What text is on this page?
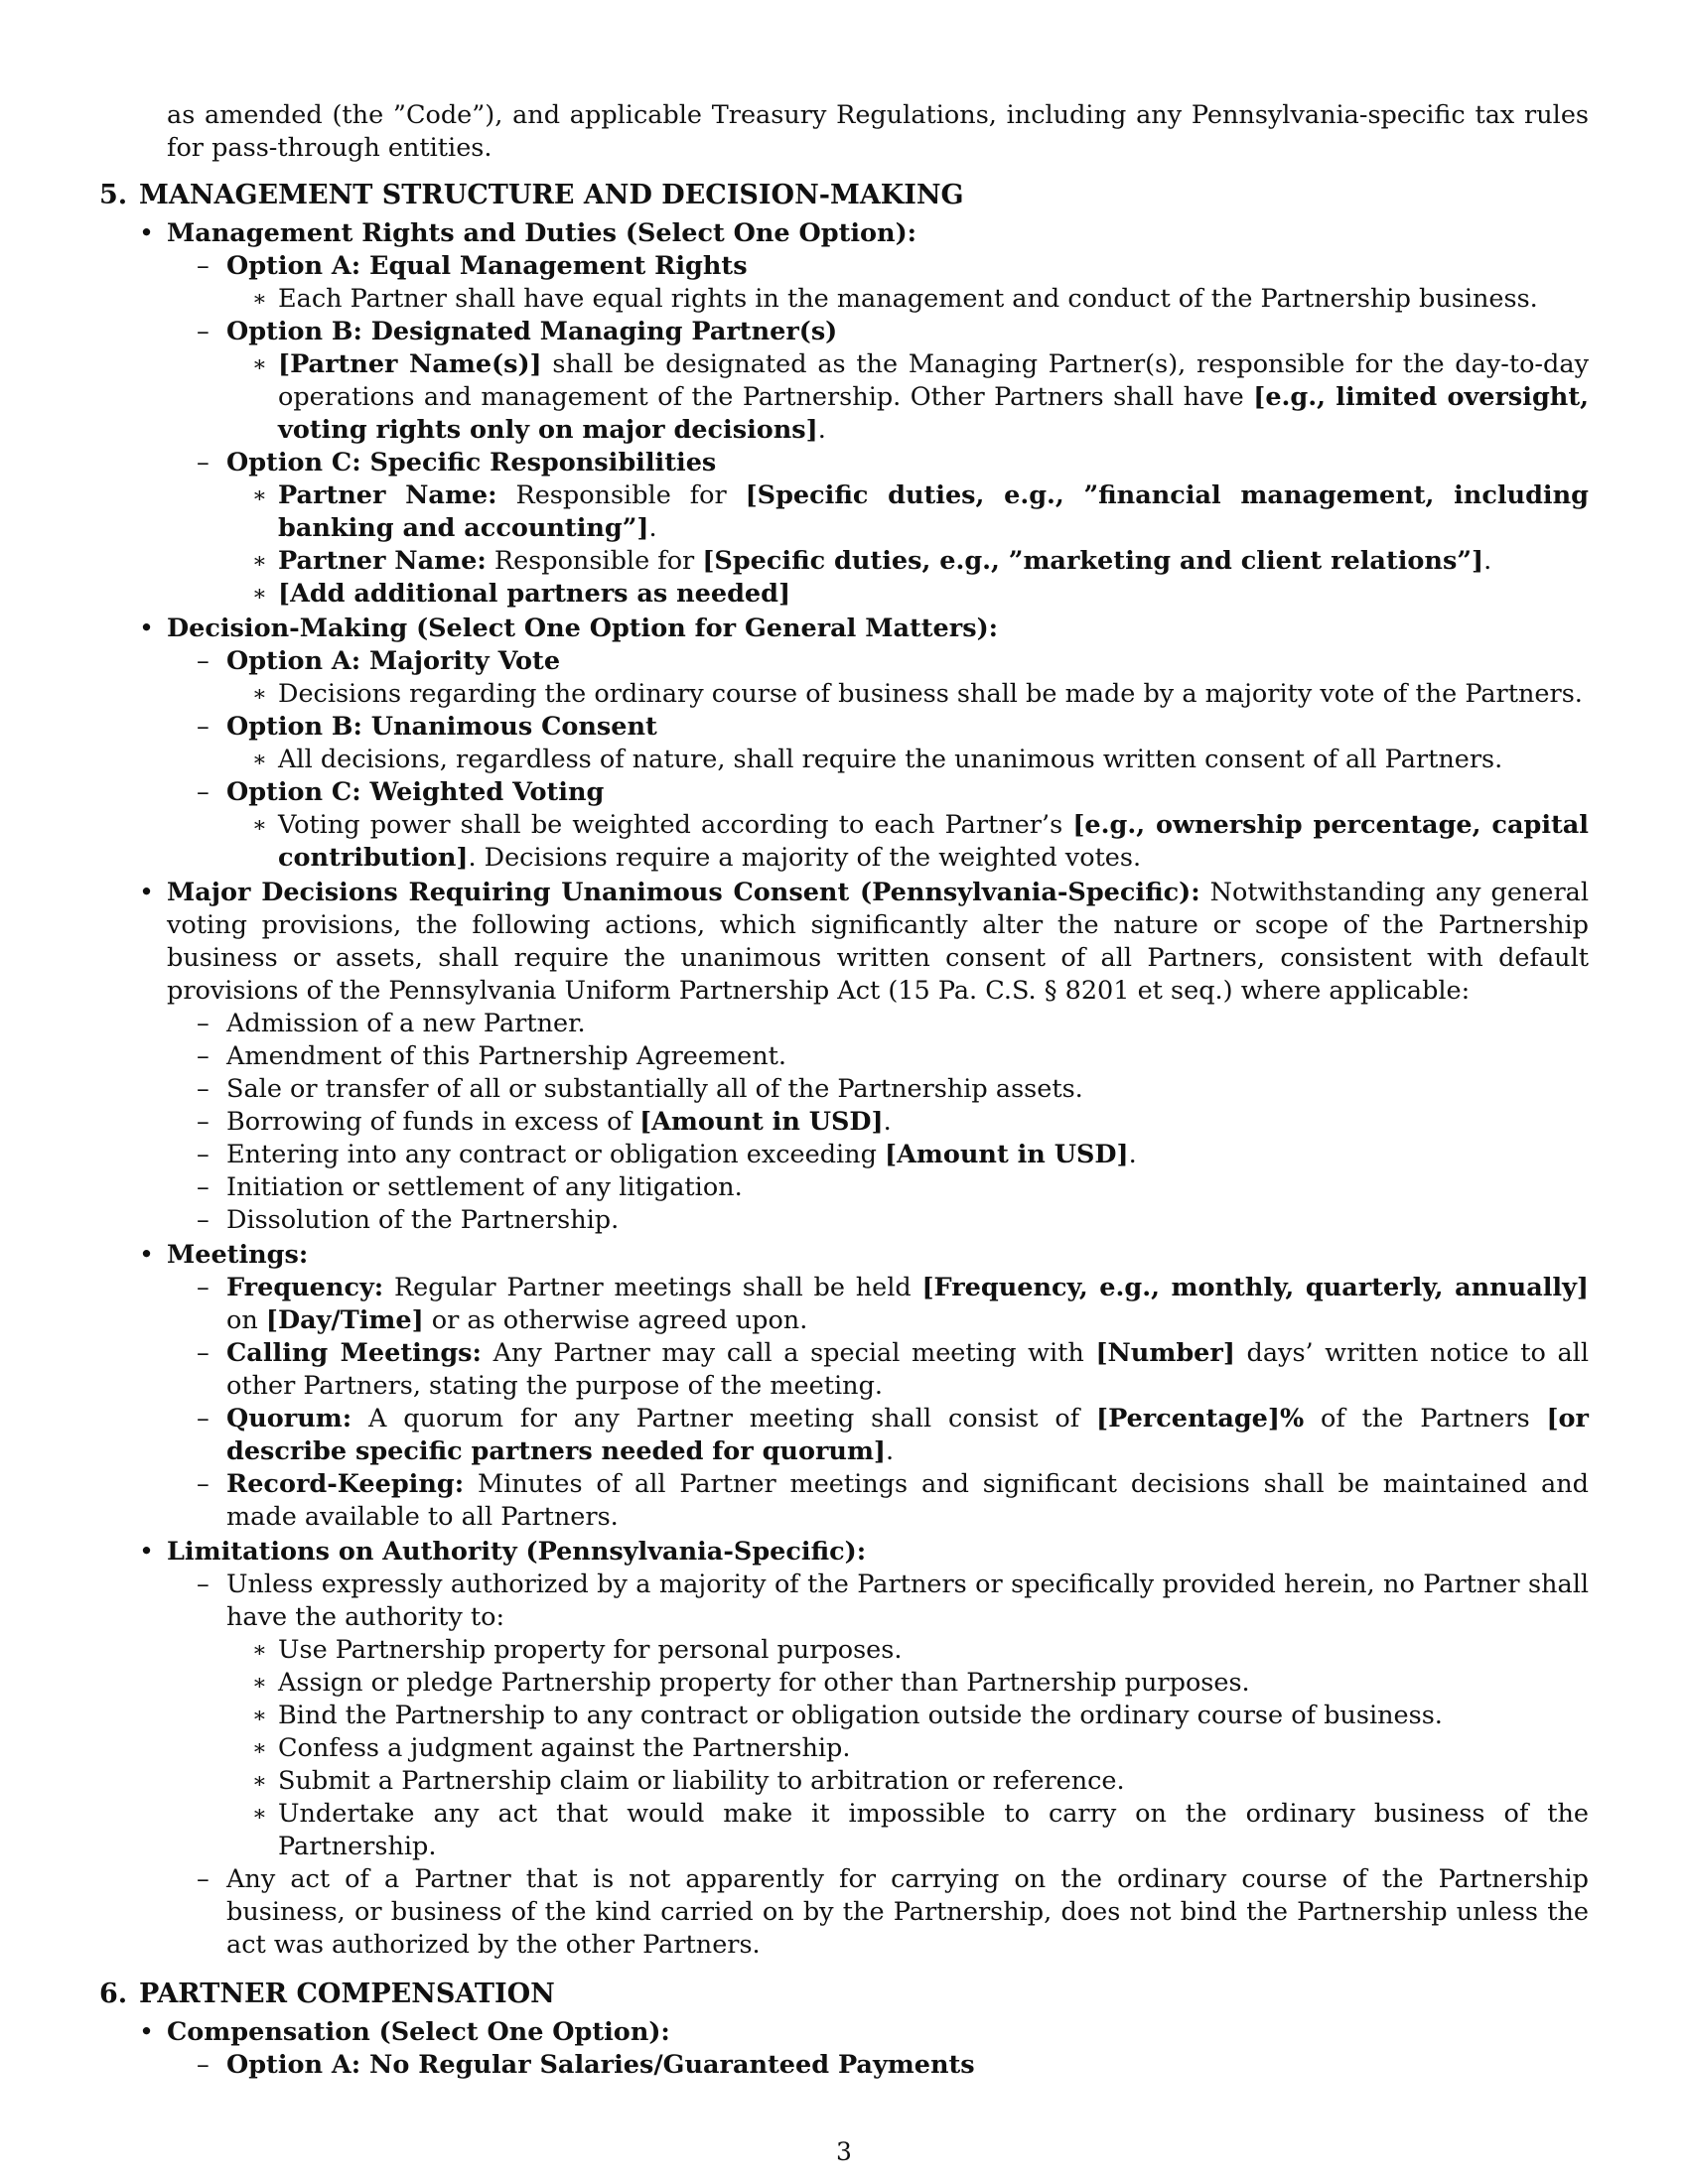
as amended (the ”Code”), and applicable Treasury Regulations, including any Pennsylvania-specific tax rules for pass-through entities.

5. MANAGEMENT STRUCTURE AND DECISION-MAKING
• Management Rights and Duties (Select One Option):
– Option A: Equal Management Rights
∗ Each Partner shall have equal rights in the management and conduct of the Partnership business.
– Option B: Designated Managing Partner(s)
∗ [Partner Name(s)] shall be designated as the Managing Partner(s), responsible for the day-to-day operations and management of the Partnership. Other Partners shall have [e.g., limited oversight, voting rights only on major decisions].
– Option C: Specific Responsibilities
∗ Partner Name: Responsible for [Specific duties, e.g., ”financial management, including banking and accounting”].
∗ Partner Name: Responsible for [Specific duties, e.g., ”marketing and client relations”].
∗ [Add additional partners as needed]
• Decision-Making (Select One Option for General Matters):
– Option A: Majority Vote
∗ Decisions regarding the ordinary course of business shall be made by a majority vote of the Partners.
– Option B: Unanimous Consent
∗ All decisions, regardless of nature, shall require the unanimous written consent of all Partners.
– Option C: Weighted Voting
∗ Voting power shall be weighted according to each Partner’s [e.g., ownership percentage, capital contribution]. Decisions require a majority of the weighted votes.
• Major Decisions Requiring Unanimous Consent (Pennsylvania-Specific): Notwithstanding any general voting provisions, the following actions, which significantly alter the nature or scope of the Partnership business or assets, shall require the unanimous written consent of all Partners, consistent with default provisions of the Pennsylvania Uniform Partnership Act (15 Pa. C.S. § 8201 et seq.) where applicable:
– Admission of a new Partner.
– Amendment of this Partnership Agreement.
– Sale or transfer of all or substantially all of the Partnership assets.
– Borrowing of funds in excess of [Amount in USD].
– Entering into any contract or obligation exceeding [Amount in USD].
– Initiation or settlement of any litigation.
– Dissolution of the Partnership.
• Meetings:
– Frequency: Regular Partner meetings shall be held [Frequency, e.g., monthly, quarterly, annually] on [Day/Time] or as otherwise agreed upon.
– Calling Meetings: Any Partner may call a special meeting with [Number] days’ written notice to all other Partners, stating the purpose of the meeting.
– Quorum: A quorum for any Partner meeting shall consist of [Percentage]% of the Partners [or describe specific partners needed for quorum].
– Record-Keeping: Minutes of all Partner meetings and significant decisions shall be maintained and made available to all Partners.
• Limitations on Authority (Pennsylvania-Specific):
– Unless expressly authorized by a majority of the Partners or specifically provided herein, no Partner shall have the authority to:
∗ Use Partnership property for personal purposes.
∗ Assign or pledge Partnership property for other than Partnership purposes.
∗ Bind the Partnership to any contract or obligation outside the ordinary course of business.
∗ Confess a judgment against the Partnership.
∗ Submit a Partnership claim or liability to arbitration or reference.
∗ Undertake any act that would make it impossible to carry on the ordinary business of the Partnership.
– Any act of a Partner that is not apparently for carrying on the ordinary course of the Partnership business, or business of the kind carried on by the Partnership, does not bind the Partnership unless the act was authorized by the other Partners.
6. PARTNER COMPENSATION
• Compensation (Select One Option):
– Option A: No Regular Salaries/Guaranteed Payments
3
